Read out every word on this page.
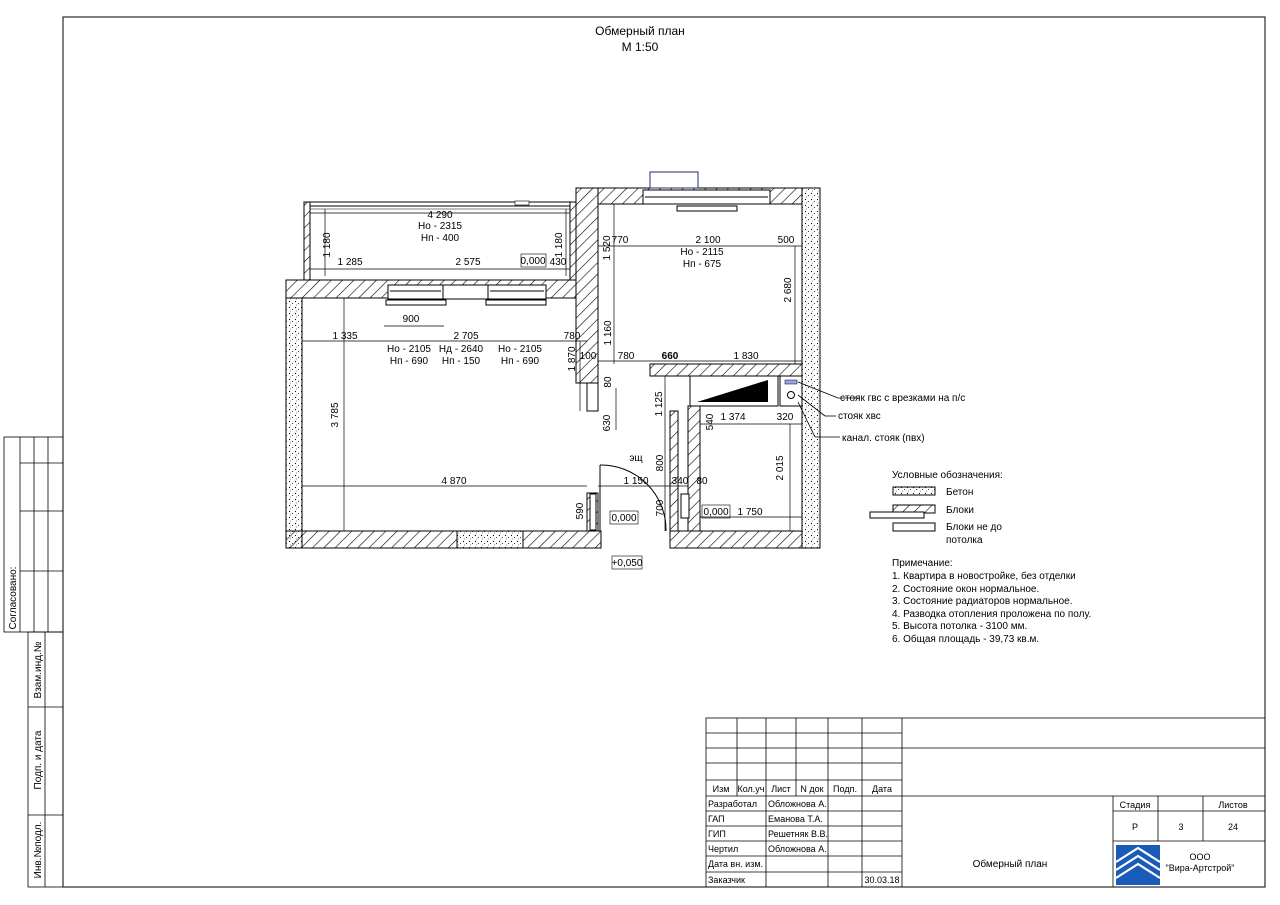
Обмерный план
М 1:50
4 290
Но - 2315
Нп - 400
1 180	1 180
1 285	2 575	0,000 430
900
1 335	2 705	780
Но - 2105
Нп - 690
Нд - 2640
Нп - 150
Но - 2105
Нп - 690
3 785
4 870
590	0,000
1 520
770	2 100	500
Но - 2115
Нп - 675
2 680
1 160
1 870 100 780	660	1 830
80
630
1 125
540 1 374	320
эщ 800
1 150 340 80
2 015
700	0,000 1 750
+0,050
стояк гвс с врезками на п/с
стояк хвс
канал. стояк (пвх)
Условные обозначения:
Бетон
Блоки
Блоки не до
потолка
Примечание:
1. Квартира в новостройке, без отделки
2. Состояние окон нормальное.
3. Состояние радиаторов нормальное.
4. Разводка отопления проложена по полу.
5. Высота потолка - 3100 мм.
6. Общая площадь - 39,73 кв.м.
Согласовано:
Взам.инд.№
Подп. и дата
Инв.№подл.
Изм Кол.уч Лист N док Подп. Дата
Разработал Обложнова А.
ГАП	Еманова Т.А.
ГИП	Решетняк В.В.
Чертил	Обложнова А.
Дата вн. изм.
Заказчик	30.03.18
Стадия	Листов
Р	3	24
Обмерный план
ООО
"Вира-Артстрой"
